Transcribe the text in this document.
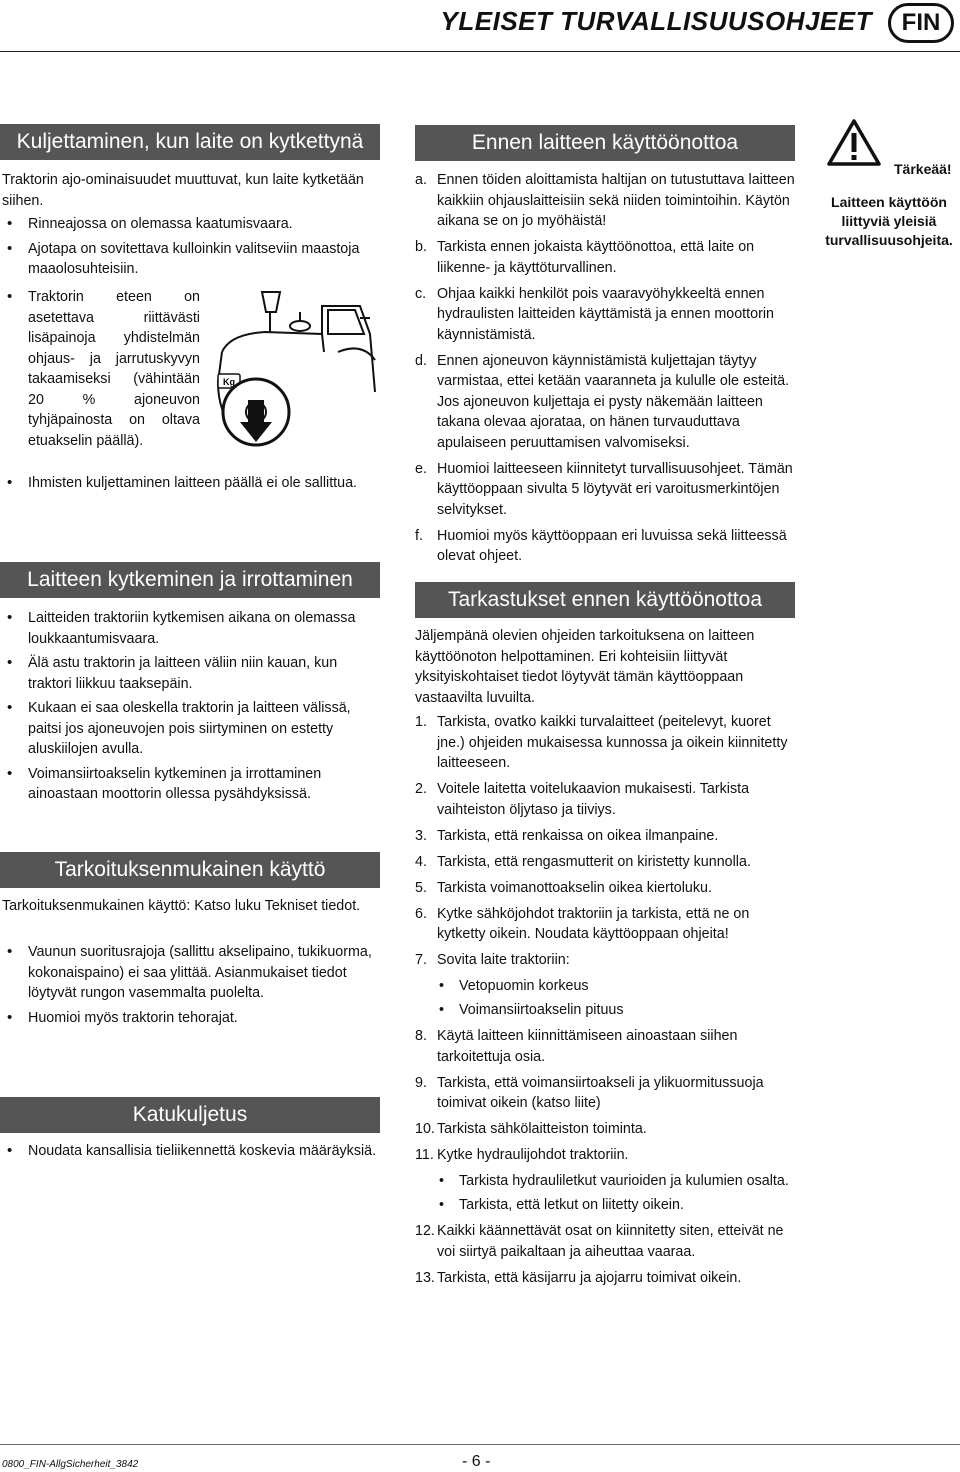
YLEISET TURVALLISUUSOHJEET	FIN
Kuljettaminen, kun laite on kytkettynä

Traktorin ajo-ominaisuudet muuttuvat, kun laite kytketään siihen.

• Rinneajossa on olemassa kaatumisvaara.
• Ajotapa on sovitettava kulloinkin valitseviin maastoja maaolosuhteisiin.
• Traktorin eteen on asetettava riittävästi lisäpainoja yhdistelmän ohjaus- ja jarrutuskyvyn takaamiseksi (vähintään 20 % ajoneuvon tyhjäpainosta on oltava etuakselin päällä).
Kg
• Ihmisten kuljettaminen laitteen päällä ei ole sallittua.
Laitteen kytkeminen ja irrottaminen
• Laitteiden traktoriin kytkemisen aikana on olemassa loukkaantumisvaara.
• Älä astu traktorin ja laitteen väliin niin kauan, kun traktori liikkuu taaksepäin.
• Kukaan ei saa oleskella traktorin ja laitteen välissä, paitsi jos ajoneuvojen pois siirtyminen on estetty aluskiilojen avulla.
• Voimansiirtoakselin kytkeminen ja irrottaminen ainoastaan moottorin ollessa pysähdyksissä.
Tarkoituksenmukainen käyttö

Tarkoituksenmukainen käyttö: Katso luku Tekniset tiedot.

• Vaunun suoritusrajoja (sallittu akselipaino, tukikuorma, kokonaispaino) ei saa ylittää. Asianmukaiset tiedot löytyvät rungon vasemmalta puolelta.
• Huomioi myös traktorin tehorajat.
Katukuljetus
• Noudata kansallisia tieliikennettä koskevia määräyksiä.
Ennen laitteen käyttöönottoa
a. Ennen töiden aloittamista haltijan on tutustuttava laitteen kaikkiin ohjauslaitteisiin sekä niiden toimintoihin. Käytön aikana se on jo myöhäistä!
b. Tarkista ennen jokaista käyttöönottoa, että laite on liikenne- ja käyttöturvallinen.
c. Ohjaa kaikki henkilöt pois vaaravyöhykkeeltä ennen hydraulisten laitteiden käyttämistä ja ennen moottorin käynnistämistä.
d. Ennen ajoneuvon käynnistämistä kuljettajan täytyy varmistaa, ettei ketään vaaranneta ja kululle ole esteitä. Jos ajoneuvon kuljettaja ei pysty näkemään laitteen takana olevaa ajorataa, on hänen turvauduttava apulaiseen peruuttamisen valvomiseksi.
e. Huomioi laitteeseen kiinnitetyt turvallisuusohjeet. Tämän käyttöoppaan sivulta 5 löytyvät eri varoitusmerkintöjen selvitykset.
f. Huomioi myös käyttöoppaan eri luvuissa sekä liitteessä olevat ohjeet.
Tarkastukset ennen käyttöönottoa

Jäljempänä olevien ohjeiden tarkoituksena on laitteen käyttöönoton helpottaminen. Eri kohteisiin liittyvät yksityiskohtaiset tiedot löytyvät tämän käyttöoppaan vastaavilta luvuilta.

1. Tarkista, ovatko kaikki turvalaitteet (peitelevyt, kuoret jne.) ohjeiden mukaisessa kunnossa ja oikein kiinnitetty laitteeseen.
2. Voitele laitetta voitelukaavion mukaisesti. Tarkista vaihteiston öljytaso ja tiiviys.
3. Tarkista, että renkaissa on oikea ilmanpaine.
4. Tarkista, että rengasmutterit on kiristetty kunnolla.
5. Tarkista voimanottoakselin oikea kiertoluku.
6. Kytke sähköjohdot traktoriin ja tarkista, että ne on kytketty oikein. Noudata käyttöoppaan ohjeita!
7. Sovita laite traktoriin:
• Vetopuomin korkeus
• Voimansiirtoakselin pituus
8. Käytä laitteen kiinnittämiseen ainoastaan siihen tarkoitettuja osia.
9. Tarkista, että voimansiirtoakseli ja ylikuormitussuoja toimivat oikein (katso liite)
10. Tarkista sähkölaitteiston toiminta.
11. Kytke hydraulijohdot traktoriin.
• Tarkista hydrauliletkut vaurioiden ja kulumien osalta.
• Tarkista, että letkut on liitetty oikein.
12. Kaikki käännettävät osat on kiinnitetty siten, etteivät ne voi siirtyä paikaltaan ja aiheuttaa vaaraa.
13. Tarkista, että käsijarru ja ajojarru toimivat oikein.
Tärkeää!
Laitteen käyttöön liittyviä yleisiä turvallisuusohjeita.
0800_FIN-AllgSicherheit_3842	- 6 -
